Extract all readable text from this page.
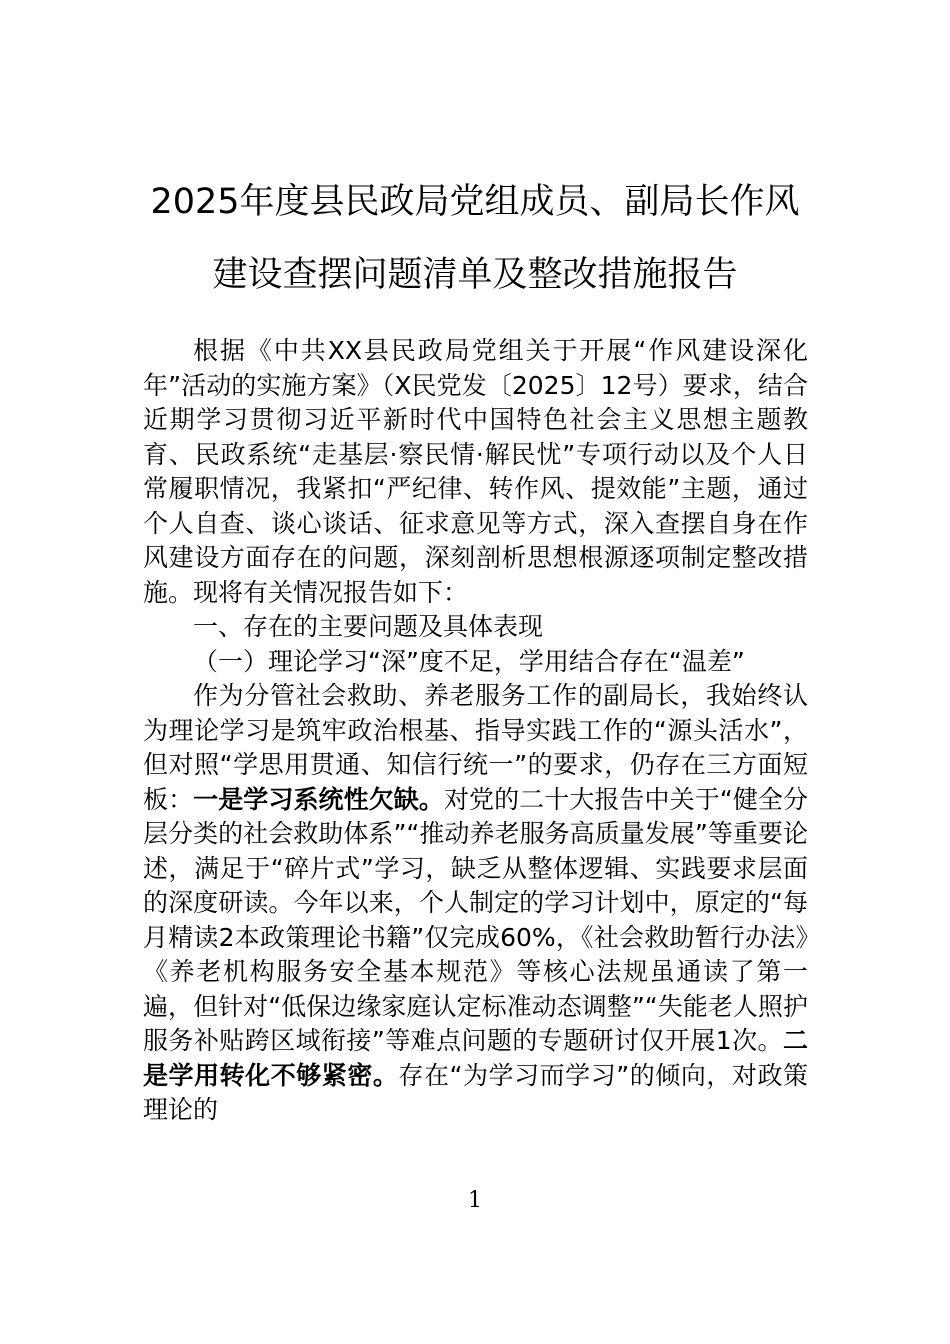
2025年度县民政局党组成员、副局长作风
建设查摆问题清单及整改措施报告

根据《中共XX县民政局党组关于开展“作风建设深化年”活动的实施方案》（X民党发〔2025〕12号）要求，结合近期学习贯彻习近平新时代中国特色社会主义思想主题教育、民政系统“走基层·察民情·解民忧”专项行动以及个人日常履职情况，我紧扣“严纪律、转作风、提效能”主题，通过个人自查、谈心谈话、征求意见等方式，深入查摆自身在作风建设方面存在的问题，深刻剖析思想根源逐项制定整改措施。现将有关情况报告如下：

一、存在的主要问题及具体表现

（一）理论学习“深”度不足，学用结合存在“温差”

作为分管社会救助、养老服务工作的副局长，我始终认为理论学习是筑牢政治根基、指导实践工作的“源头活水”，但对照“学思用贯通、知信行统一”的要求，仍存在三方面短板：一是学习系统性欠缺。对党的二十大报告中关于“健全分层分类的社会救助体系”“推动养老服务高质量发展”等重要论述，满足于“碎片式”学习，缺乏从整体逻辑、实践要求层面的深度研读。今年以来，个人制定的学习计划中，原定的“每月精读2本政策理论书籍”仅完成60%，《社会救助暂行办法》《养老机构服务安全基本规范》等核心法规虽通读了第一遍，但针对“低保边缘家庭认定标准动态调整”“失能老人照护服务补贴跨区域衔接”等难点问题的专题研讨仅开展1次。二是学用转化不够紧密。存在“为学习而学习”的倾向，对政策理论的

1
